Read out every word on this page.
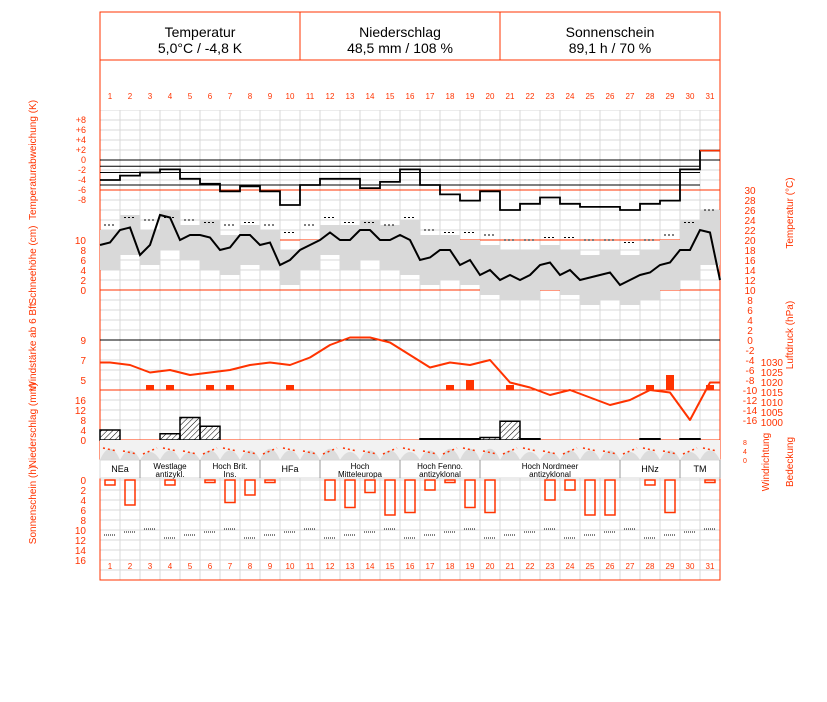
Temperatur
5,0°C / -4,8 K
Niederschlag
48,5 mm / 108 %
Sonnenschein
89,1 h / 70 %
1
1
2
2
3
3
4
4
5
5
6
6
7
7
8
8
9
9
10
10
11
11
12
12
13
13
14
14
15
15
16
16
17
17
18
18
19
19
20
20
21
21
22
22
23
23
24
24
25
25
26
26
27
27
28
28
29
29
30
30
31
31
Temperaturabweichung (K)
Schneehöhe (cm)
Windstärke ab 6 Bft
Niederschlag (mm)
Sonnenschein (h)
Temperatur (°C)
Luftdruck (hPa)
Windrichtung Bedeckung
+8
+6
+4
+2
0
-2
-4
-6
-8
10
8
6
4
2
0
9
7
5
16
12
8
4
0
0
2
4
6
8
10
12
14
16
30
28
26
24
22
20
18
16
14
12
10
8
6
4
2
0
-2
-4
-6
-8
-10
-12
-14
-16
1030
1025
1020
1015
1010
1005
1000
8
4
0
NEa	Westlage
antizykl.
Hoch Brit.
Ins.
HFa	Hoch
Mitteleuropa
Hoch Fenno.
antizyklonal
Hoch Nordmeer
antizyklonal
HNz	TM
